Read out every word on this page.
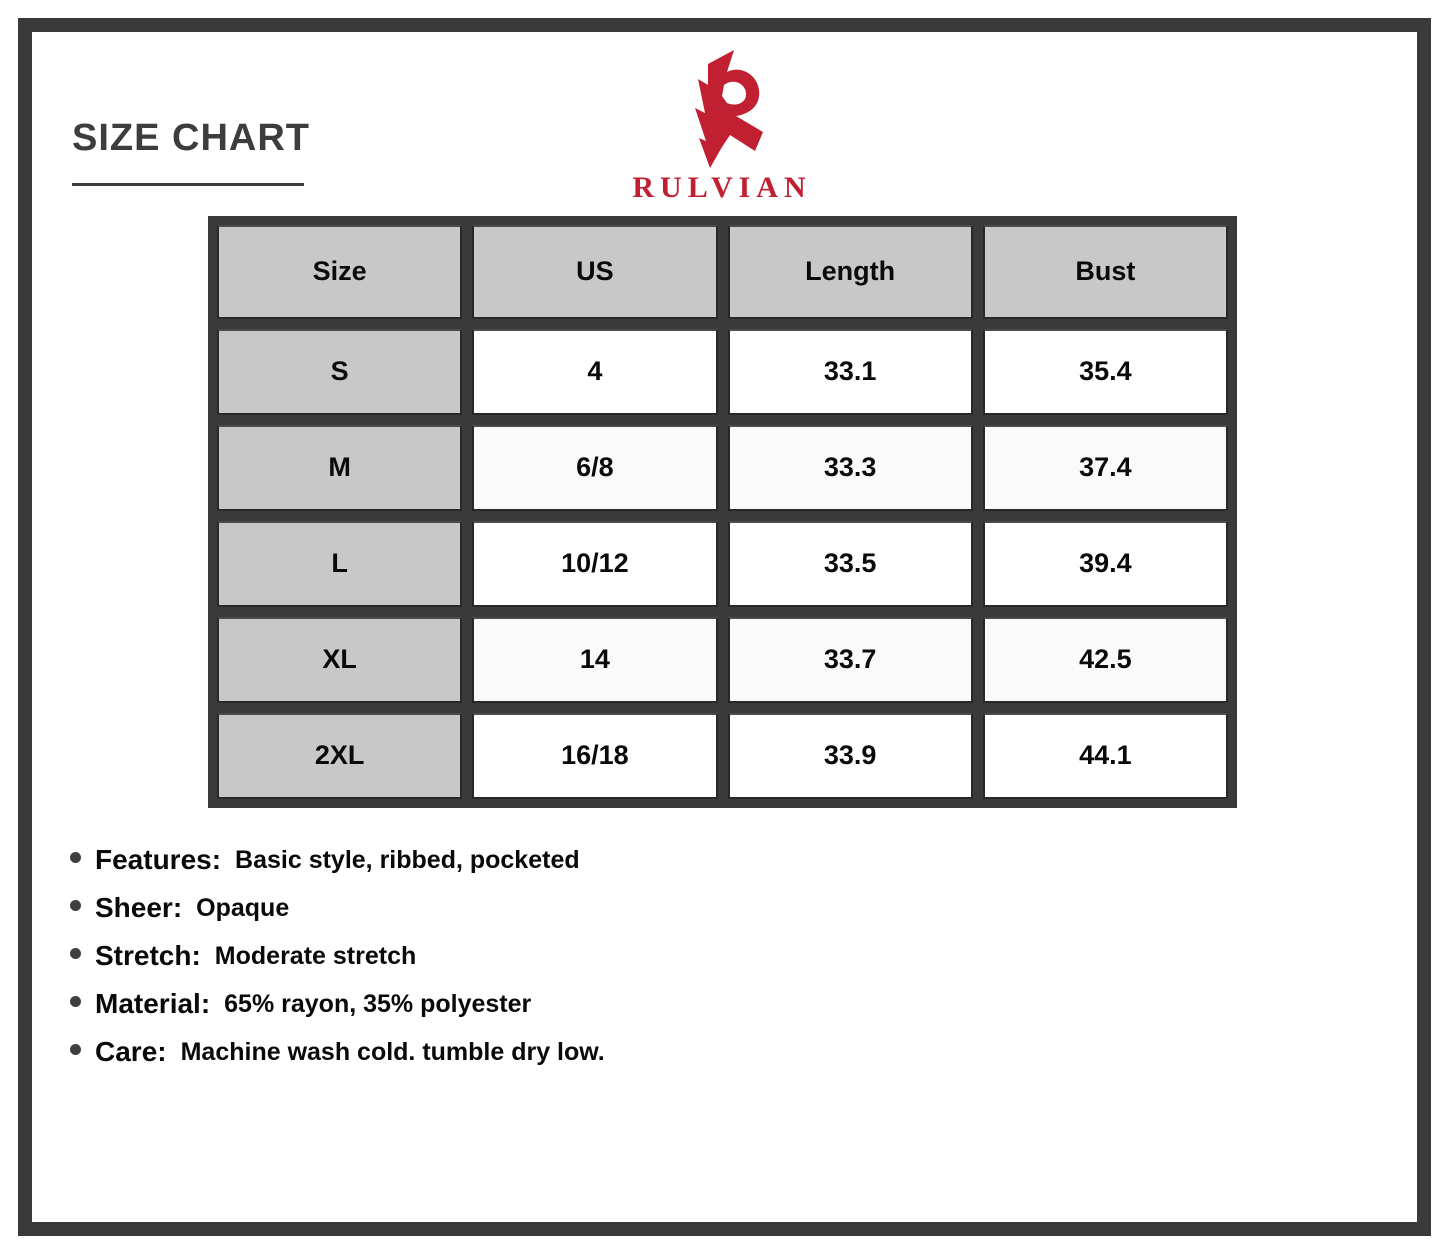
SIZE CHART
RULVIAN
Size	US	Length	Bust
S	4	33.1	35.4
M	6/8	33.3	37.4
L	10/12	33.5	39.4
XL	14	33.7	42.5
2XL	16/18	33.9	44.1
Features: Basic style, ribbed, pocketed
Sheer: Opaque
Stretch: Moderate stretch
Material: 65% rayon, 35% polyester
Care: Machine wash cold. tumble dry low.
